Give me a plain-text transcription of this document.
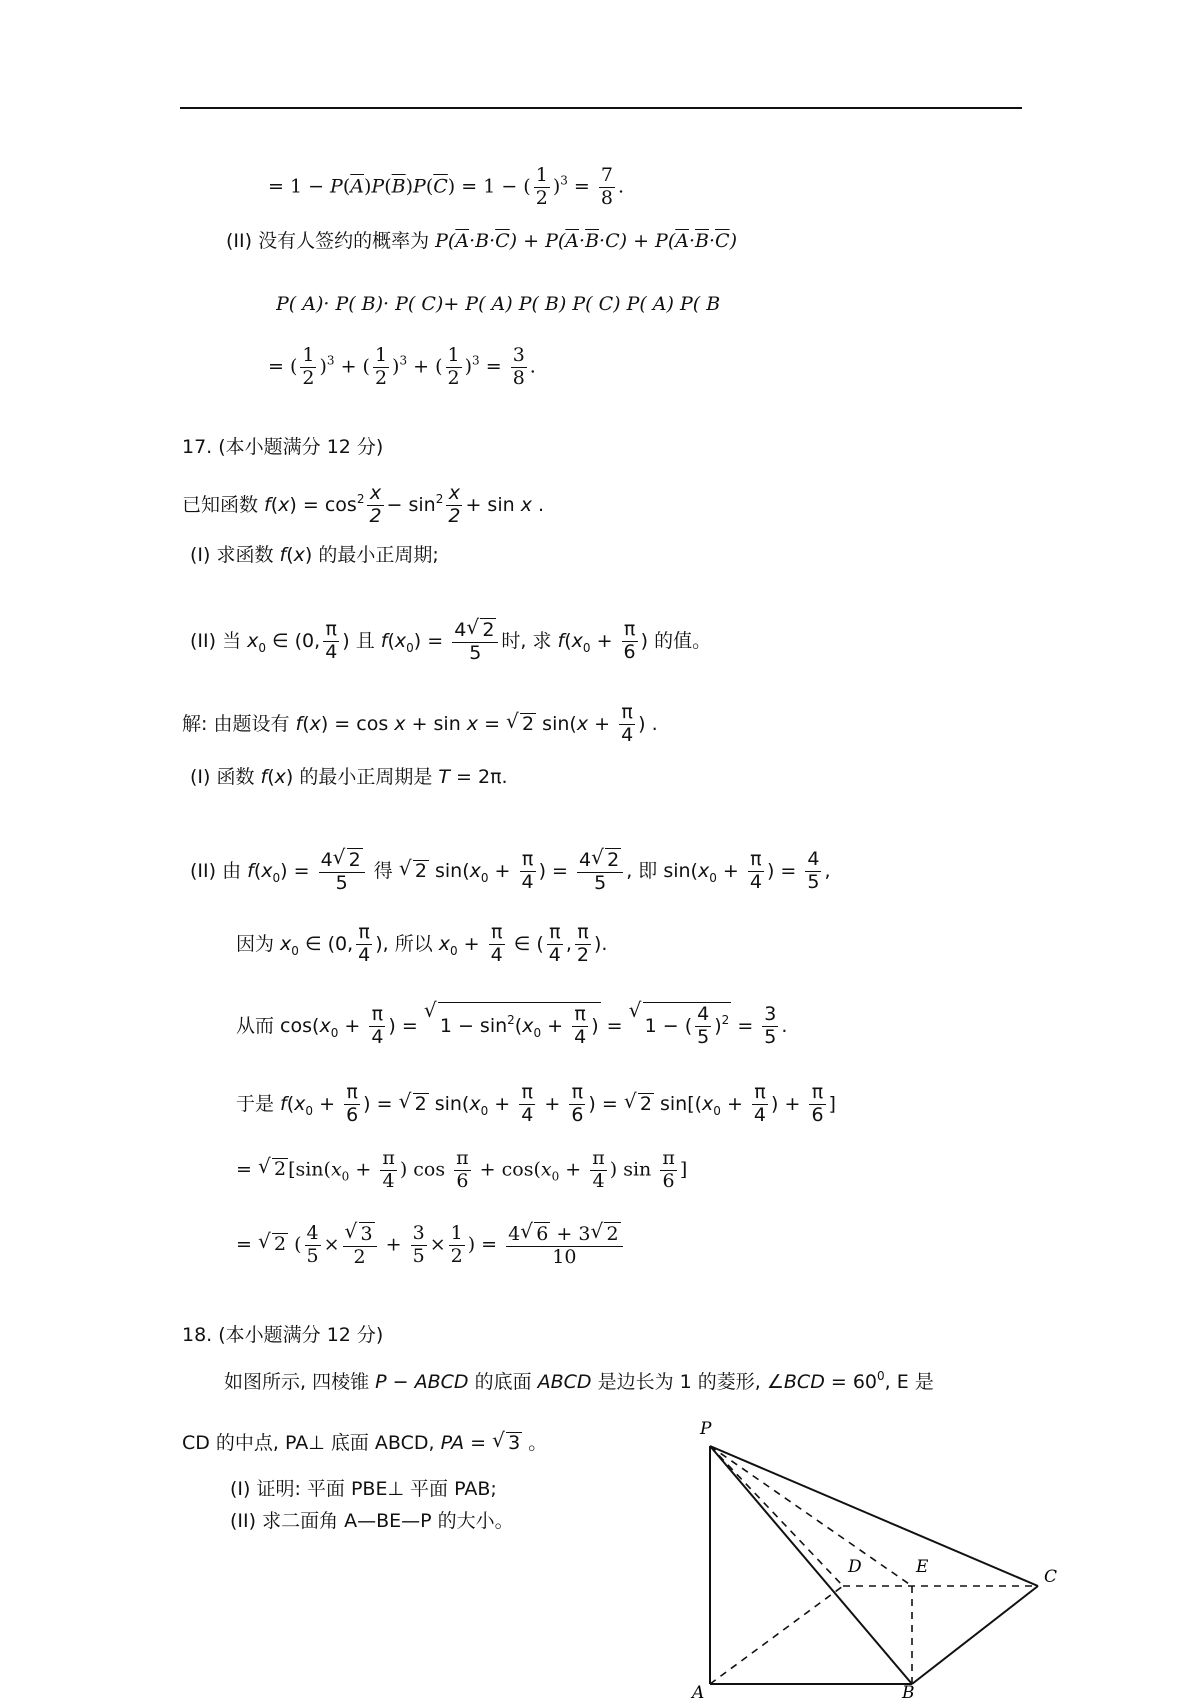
= $1 - P(\overline{A})P(\overline{B})P(\overline{C}) = 1$ − ( $\frac{1}{2} )^3 = \frac{7}{8}$ .
(II) 没有人签约的概率为 $P(\overline{A}\cdot B\cdot\overline{C}) + P(\overline{A}\cdot\overline{B}\cdot C) + P(\overline{A}\cdot\overline{B}\cdot\overline{C})$
P( A)· P( B)· P( C)+ P( A) P( B) P( C) P( A) P( B
= ( $\frac{1}{2} )^3$ + ( $\frac{1}{2} )^3$ + ( $\frac{1}{2} )^3 = \frac{3}{8}$ .
17. (本小题满分 12 分)
已知函数 $f(x) = \cos^2 \frac{x}{2} - \sin^2 \frac{x}{2} + \sin x$ .
(I) 求函数 f(x) 的最小正周期;
(II) 当 $x_0$ ∈ (0, $\frac{\pi}{4}$ ) 且 $f(x_0) = \frac{4 √ 2}{5}$ 时, 求 $f(x_0 + \frac{\pi}{6}$ ) 的值。
解: 由题设有 f(x) = cos x + sin x = √ 2 $\sin(x + \frac{\pi}{4}$ ) .
(I) 函数 f(x) 的最小正周期是 T = 2π.
(II) 由 $f(x_0) = \frac{4 √ 2}{5}$ 得 √ 2 $\sin(x_0 + \frac{\pi}{4}$ ) = $\frac{4 √ 2}{5}$ , 即 $\sin(x_0 + \frac{\pi}{4}$ ) = $\frac{4}{5}$ ,
因为 $x_0$ ∈ (0, $\frac{\pi}{4}$ ), 所以 $x_0 + \frac{\pi}{4}$ ∈ ( $\frac{\pi}{4}$ , $\frac{\pi}{2}$ ).
从而 $\cos(x_0 + \frac{\pi}{4}$ ) = √ $1 - \sin^2(x_0 + \frac{\pi}{4}$ ) = √ 1 − ( $\frac{4}{5} )^2 = \frac{3}{5}$ .
于是 $f(x_0 + \frac{\pi}{6}$ ) = √ 2 $\sin(x_0 + \frac{\pi}{4} + \frac{\pi}{6}$ ) = √ 2 $\sin[(x_0 + \frac{\pi}{4}$ ) + $\frac{\pi}{6}$ ]
= √ 2 [$\sin(x_0 + \frac{\pi}{4}$ ) $\cos \frac{\pi}{6} + \cos(x_0 + \frac{\pi}{4}$ ) $\sin \frac{\pi}{6}$ ]
= √ 2 ( $\frac{4}{5}$ × √ $\frac{3}{2} + \frac{3}{5} \times \frac{1}{2}$ ) = $\frac{4 √ 6 + 3 √ 2}{10}$
18. (本小题满分 12 分)
如图所示, 四棱锥 P − ABCD 的底面 ABCD 是边长为 1 的菱形, ∠BCD = $60^0$, E 是
CD 的中点, PA⊥ 底面 ABCD, PA = √ 3 。
(I) 证明: 平面 PBE⊥ 平面 PAB;
(II) 求二面角 A—BE—P 的大小。
P
A	B
C
D	E
